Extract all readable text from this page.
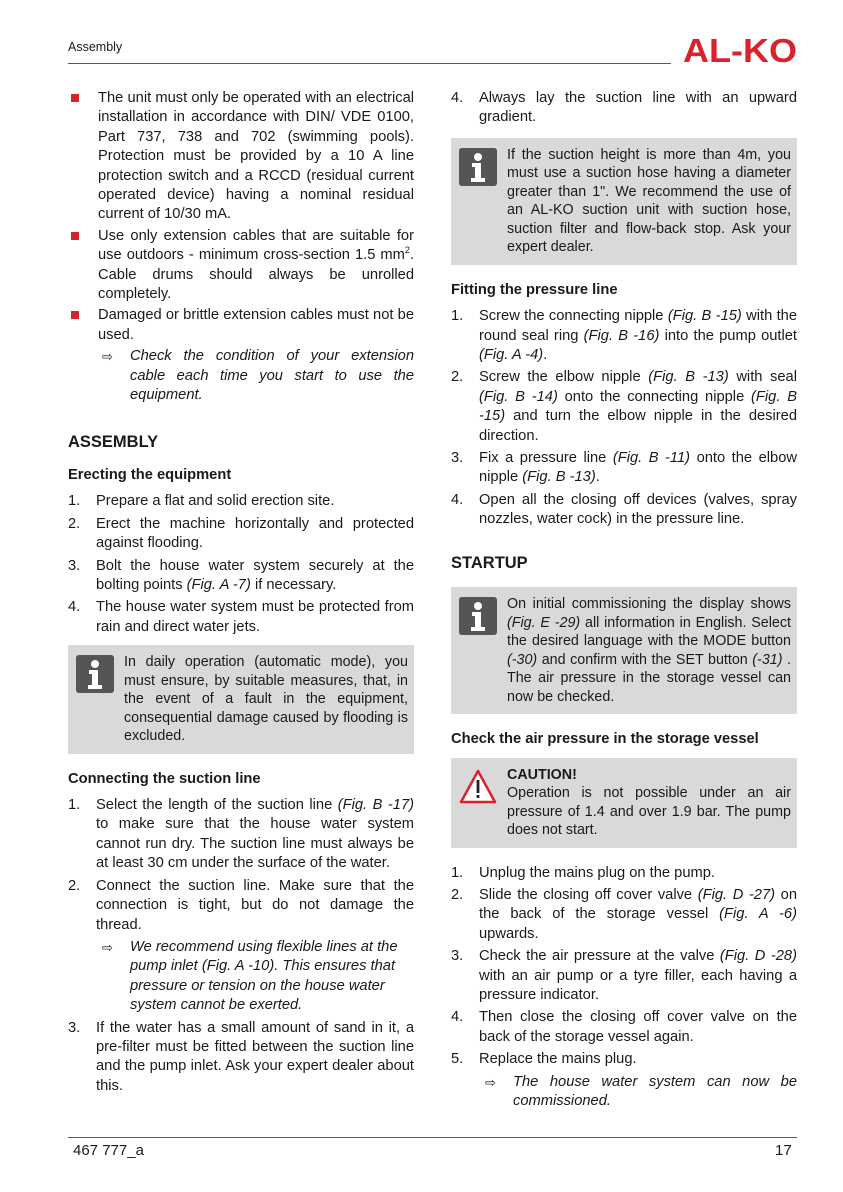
Assembly	AL-KO
The unit must only be operated with an electrical installation in accordance with DIN/ VDE 0100, Part 737, 738 and 702 (swimming pools). Protection must be provided by a 10 A line protection switch and a RCCD (residual current operated device) having a nominal residual current of 10/30 mA.
Use only extension cables that are suitable for use outdoors - minimum cross-section 1.5 $mm^2$. Cable drums should always be unrolled completely.
Damaged or brittle extension cables must not be used.
⇨ Check the condition of your extension cable each time you start to use the equipment.
ASSEMBLY
Erecting the equipment
1. Prepare a flat and solid erection site.
2. Erect the machine horizontally and protected against flooding.
3. Bolt the house water system securely at the bolting points (Fig. A -7) if necessary.
4. The house water system must be protected from rain and direct water jets.
In daily operation (automatic mode), you must ensure, by suitable measures, that, in the event of a fault in the equipment, consequential damage caused by flooding is excluded.
Connecting the suction line
1. Select the length of the suction line (Fig. B -17) to make sure that the house water system cannot run dry. The suction line must always be at least 30 cm under the surface of the water.
2. Connect the suction line. Make sure that the connection is tight, but do not damage the thread.
⇨ We recommend using flexible lines at the pump inlet (Fig. A -10). This ensures that pressure or tension on the house water system cannot be exerted.
3. If the water has a small amount of sand in it, a pre-filter must be fitted between the suction line and the pump inlet. Ask your expert dealer about this.
4. Always lay the suction line with an upward gradient.
If the suction height is more than 4m, you must use a suction hose having a diameter greater than 1". We recommend the use of an AL-KO suction unit with suction hose, suction filter and flow-back stop. Ask your expert dealer.
Fitting the pressure line
1. Screw the connecting nipple (Fig. B -15) with the round seal ring (Fig. B -16) into the pump outlet (Fig. A -4).
2. Screw the elbow nipple (Fig. B -13) with seal (Fig. B -14) onto the connecting nipple (Fig. B -15) and turn the elbow nipple in the desired direction.
3. Fix a pressure line (Fig. B -11) onto the elbow nipple (Fig. B -13).
4. Open all the closing off devices (valves, spray nozzles, water cock) in the pressure line.
STARTUP
On initial commissioning the display shows (Fig. E -29) all information in English. Select the desired language with the MODE button (-30) and confirm with the SET button (-31) . The air pressure in the storage vessel can now be checked.
Check the air pressure in the storage vessel
CAUTION!
Operation is not possible under an air pressure of 1.4 and over 1.9 bar. The pump does not start.
1. Unplug the mains plug on the pump.
2. Slide the closing off cover valve (Fig. D -27) on the back of the storage vessel (Fig. A -6) upwards.
3. Check the air pressure at the valve (Fig. D -28) with an air pump or a tyre filler, each having a pressure indicator.
4. Then close the closing off cover valve on the back of the storage vessel again.
5. Replace the mains plug.
⇨ The house water system can now be commissioned.
467 777_a	17
